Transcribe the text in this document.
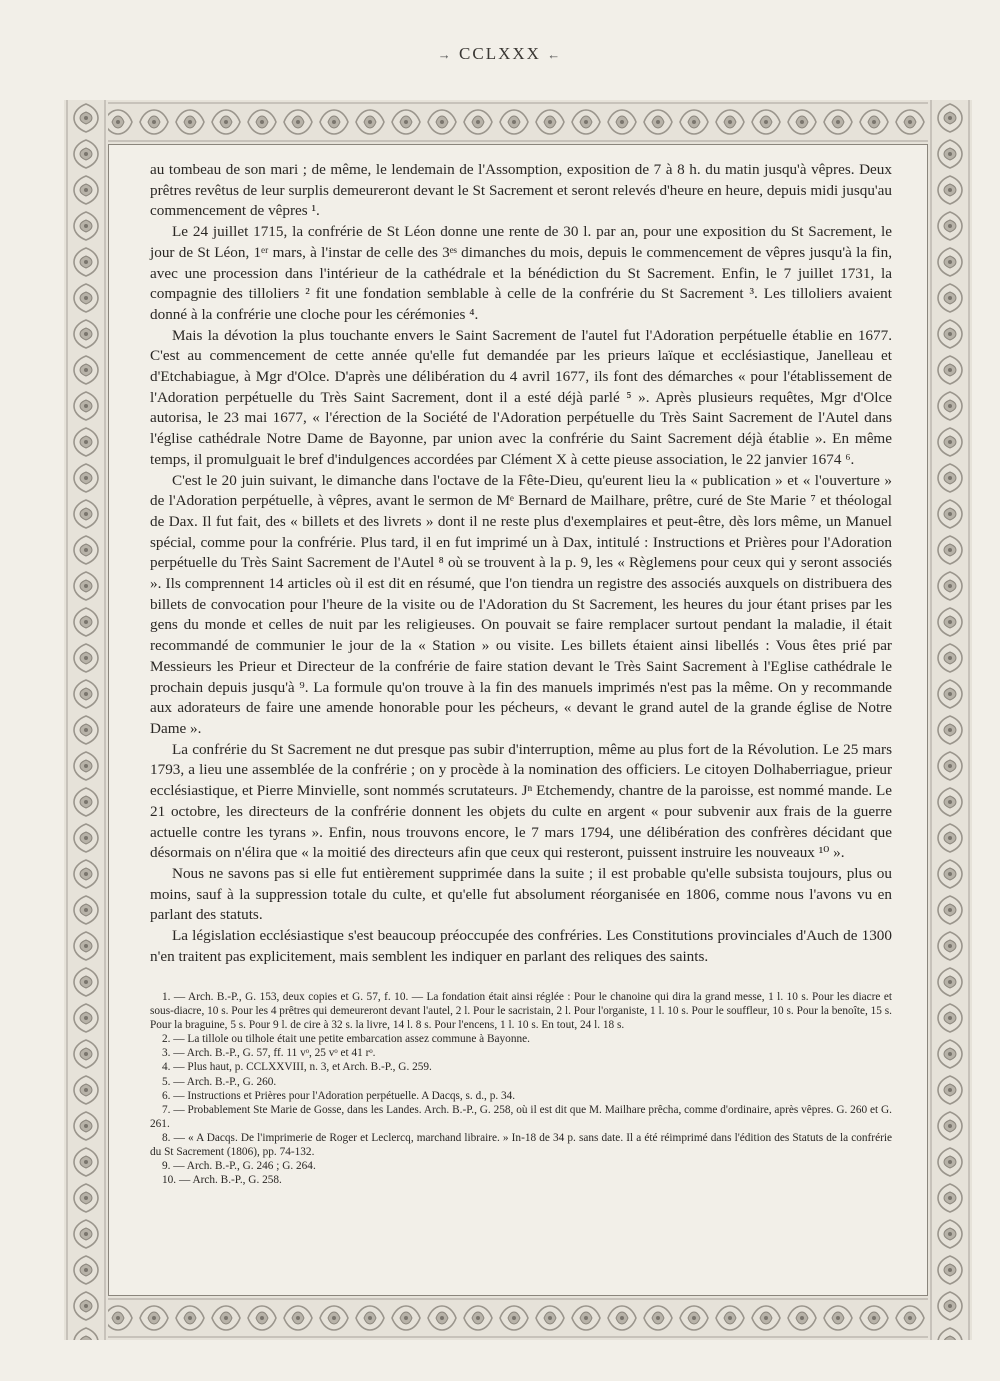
→ CCLXXX ←

au tombeau de son mari ; de même, le lendemain de l'Assomption, exposition de 7 à 8 h. du matin jusqu'à vêpres. Deux prêtres revêtus de leur surplis demeureront devant le St Sacrement et seront relevés d'heure en heure, depuis midi jusqu'au commencement de vêpres ¹.

Le 24 juillet 1715, la confrérie de St Léon donne une rente de 30 l. par an, pour une exposition du St Sacrement, le jour de St Léon, 1ᵉʳ mars, à l'instar de celle des 3ᵉˢ dimanches du mois, depuis le commencement de vêpres jusqu'à la fin, avec une procession dans l'intérieur de la cathédrale et la bénédiction du St Sacrement. Enfin, le 7 juillet 1731, la compagnie des tilloliers ² fit une fondation semblable à celle de la confrérie du St Sacrement ³. Les tilloliers avaient donné à la confrérie une cloche pour les cérémonies ⁴.

Mais la dévotion la plus touchante envers le Saint Sacrement de l'autel fut l'Adoration perpétuelle établie en 1677. C'est au commencement de cette année qu'elle fut demandée par les prieurs laïque et ecclésiastique, Janelleau et d'Etchabiague, à Mgr d'Olce. D'après une délibération du 4 avril 1677, ils font des démarches « pour l'établissement de l'Adoration perpétuelle du Très Saint Sacrement, dont il a esté déjà parlé ⁵ ». Après plusieurs requêtes, Mgr d'Olce autorisa, le 23 mai 1677, « l'érection de la Société de l'Adoration perpétuelle du Très Saint Sacrement de l'Autel dans l'église cathédrale Notre Dame de Bayonne, par union avec la confrérie du Saint Sacrement déjà établie ». En même temps, il promulguait le bref d'indulgences accordées par Clément X à cette pieuse association, le 22 janvier 1674 ⁶.

C'est le 20 juin suivant, le dimanche dans l'octave de la Fête-Dieu, qu'eurent lieu la « publication » et « l'ouverture » de l'Adoration perpétuelle, à vêpres, avant le sermon de Mᵉ Bernard de Mailhare, prêtre, curé de Ste Marie ⁷ et théologal de Dax. Il fut fait, des « billets et des livrets » dont il ne reste plus d'exemplaires et peut-être, dès lors même, un Manuel spécial, comme pour la confrérie. Plus tard, il en fut imprimé un à Dax, intitulé : Instructions et Prières pour l'Adoration perpétuelle du Très Saint Sacrement de l'Autel ⁸ où se trouvent à la p. 9, les « Règlemens pour ceux qui y seront associés ». Ils comprennent 14 articles où il est dit en résumé, que l'on tiendra un registre des associés auxquels on distribuera des billets de convocation pour l'heure de la visite ou de l'Adoration du St Sacrement, les heures du jour étant prises par les gens du monde et celles de nuit par les religieuses. On pouvait se faire remplacer surtout pendant la maladie, il était recommandé de communier le jour de la « Station » ou visite. Les billets étaient ainsi libellés : Vous êtes prié par Messieurs les Prieur et Directeur de la confrérie de faire station devant le Très Saint Sacrement à l'Eglise cathédrale le prochain depuis jusqu'à ⁹. La formule qu'on trouve à la fin des manuels imprimés n'est pas la même. On y recommande aux adorateurs de faire une amende honorable pour les pécheurs, « devant le grand autel de la grande église de Notre Dame ».

La confrérie du St Sacrement ne dut presque pas subir d'interruption, même au plus fort de la Révolution. Le 25 mars 1793, a lieu une assemblée de la confrérie ; on y procède à la nomination des officiers. Le citoyen Dolhaberriague, prieur ecclésiastique, et Pierre Minvielle, sont nommés scrutateurs. Jⁿ Etchemendy, chantre de la paroisse, est nommé mande. Le 21 octobre, les directeurs de la confrérie donnent les objets du culte en argent « pour subvenir aux frais de la guerre actuelle contre les tyrans ». Enfin, nous trouvons encore, le 7 mars 1794, une délibération des confrères décidant que désormais on n'élira que « la moitié des directeurs afin que ceux qui resteront, puissent instruire les nouveaux ¹⁰ ».

Nous ne savons pas si elle fut entièrement supprimée dans la suite ; il est probable qu'elle subsista toujours, plus ou moins, sauf à la suppression totale du culte, et qu'elle fut absolument réorganisée en 1806, comme nous l'avons vu en parlant des statuts.

La législation ecclésiastique s'est beaucoup préoccupée des confréries. Les Constitutions provinciales d'Auch de 1300 n'en traitent pas explicitement, mais semblent les indiquer en parlant des reliques des saints.

1. — Arch. B.-P., G. 153, deux copies et G. 57, f. 10. — La fondation était ainsi réglée : Pour le chanoine qui dira la grand messe, 1 l. 10 s. Pour les diacre et sous-diacre, 10 s. Pour les 4 prêtres qui demeureront devant l'autel, 2 l. Pour le sacristain, 2 l. Pour l'organiste, 1 l. 10 s. Pour le souffleur, 10 s. Pour la benoîte, 15 s. Pour la braguine, 5 s. Pour 9 l. de cire à 32 s. la livre, 14 l. 8 s. Pour l'encens, 1 l. 10 s. En tout, 24 l. 18 s.

2. — La tillole ou tilhole était une petite embarcation assez commune à Bayonne.

3. — Arch. B.-P., G. 57, ff. 11 vᵒ, 25 vᵒ et 41 rᵒ.

4. — Plus haut, p. CCLXXVIII, n. 3, et Arch. B.-P., G. 259.

5. — Arch. B.-P., G. 260.

6. — Instructions et Prières pour l'Adoration perpétuelle. A Dacqs, s. d., p. 34.

7. — Probablement Ste Marie de Gosse, dans les Landes. Arch. B.-P., G. 258, où il est dit que M. Mailhare prêcha, comme d'ordinaire, après vêpres. G. 260 et G. 261.

8. — « A Dacqs. De l'imprimerie de Roger et Leclercq, marchand libraire. » In-18 de 34 p. sans date. Il a été réimprimé dans l'édition des Statuts de la confrérie du St Sacrement (1806), pp. 74-132.

9. — Arch. B.-P., G. 246 ; G. 264.

10. — Arch. B.-P., G. 258.
